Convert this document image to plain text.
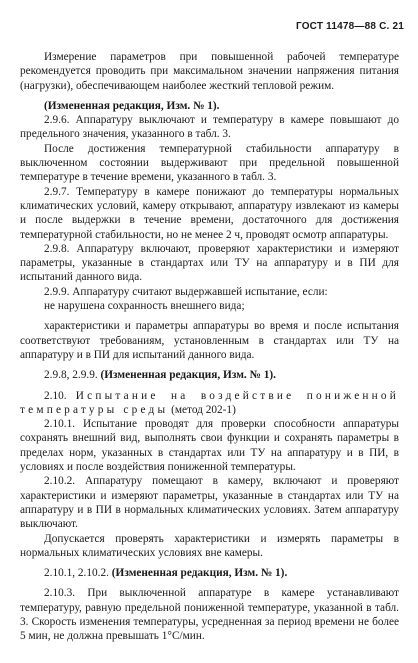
ГОСТ 11478—88 С. 21

Измерение параметров при повышенной рабочей температуре рекомендуется проводить при максимальном значении напряжения питания (нагрузки), обеспечивающем наиболее жесткий тепловой режим.

(Измененная редакция, Изм. № 1).

2.9.6. Аппаратуру выключают и температуру в камере повышают до предельного значения, указанного в табл. 3.

После достижения температурной стабильности аппаратуру в выключенном состоянии выдерживают при предельной повышенной температуре в течение времени, указанного в табл. 3.

2.9.7. Температуру в камере понижают до температуры нормальных климатических условий, камеру открывают, аппаратуру извлекают из камеры и после выдержки в течение времени, достаточного для достижения температурной стабильности, но не менее 2 ч, проводят осмотр аппаратуры.

2.9.8. Аппаратуру включают, проверяют характеристики и измеряют параметры, указанные в стандартах или ТУ на аппаратуру и в ПИ для испытаний данного вида.

2.9.9. Аппаратуру считают выдержавшей испытание, если:

не нарушена сохранность внешнего вида;

характеристики и параметры аппаратуры во время и после испытания соответствуют требованиям, установленным в стандартах или ТУ на аппаратуру и в ПИ для испытаний данного вида.

2.9.8, 2.9.9. (Измененная редакция, Изм. № 1).

2.10. Испытание на воздействие пониженной температуры среды (метод 202-1)

2.10.1. Испытание проводят для проверки способности аппаратуры сохранять внешний вид, выполнять свои функции и сохранять параметры в пределах норм, указанных в стандартах или ТУ на аппаратуру и в ПИ, в условиях и после воздействия пониженной температуры.

2.10.2. Аппаратуру помещают в камеру, включают и проверяют характеристики и измеряют параметры, указанные в стандартах или ТУ на аппаратуру и в ПИ в нормальных климатических условиях. Затем аппаратуру выключают.

Допускается проверять характеристики и измерять параметры в нормальных климатических условиях вне камеры.

2.10.1, 2.10.2. (Измененная редакция, Изм. № 1).

2.10.3. При выключенной аппаратуре в камере устанавливают температуру, равную предельной пониженной температуре, указанной в табл. 3. Скорость изменения температуры, усредненная за период времени не более 5 мин, не должна превышать 1°С/мин.
